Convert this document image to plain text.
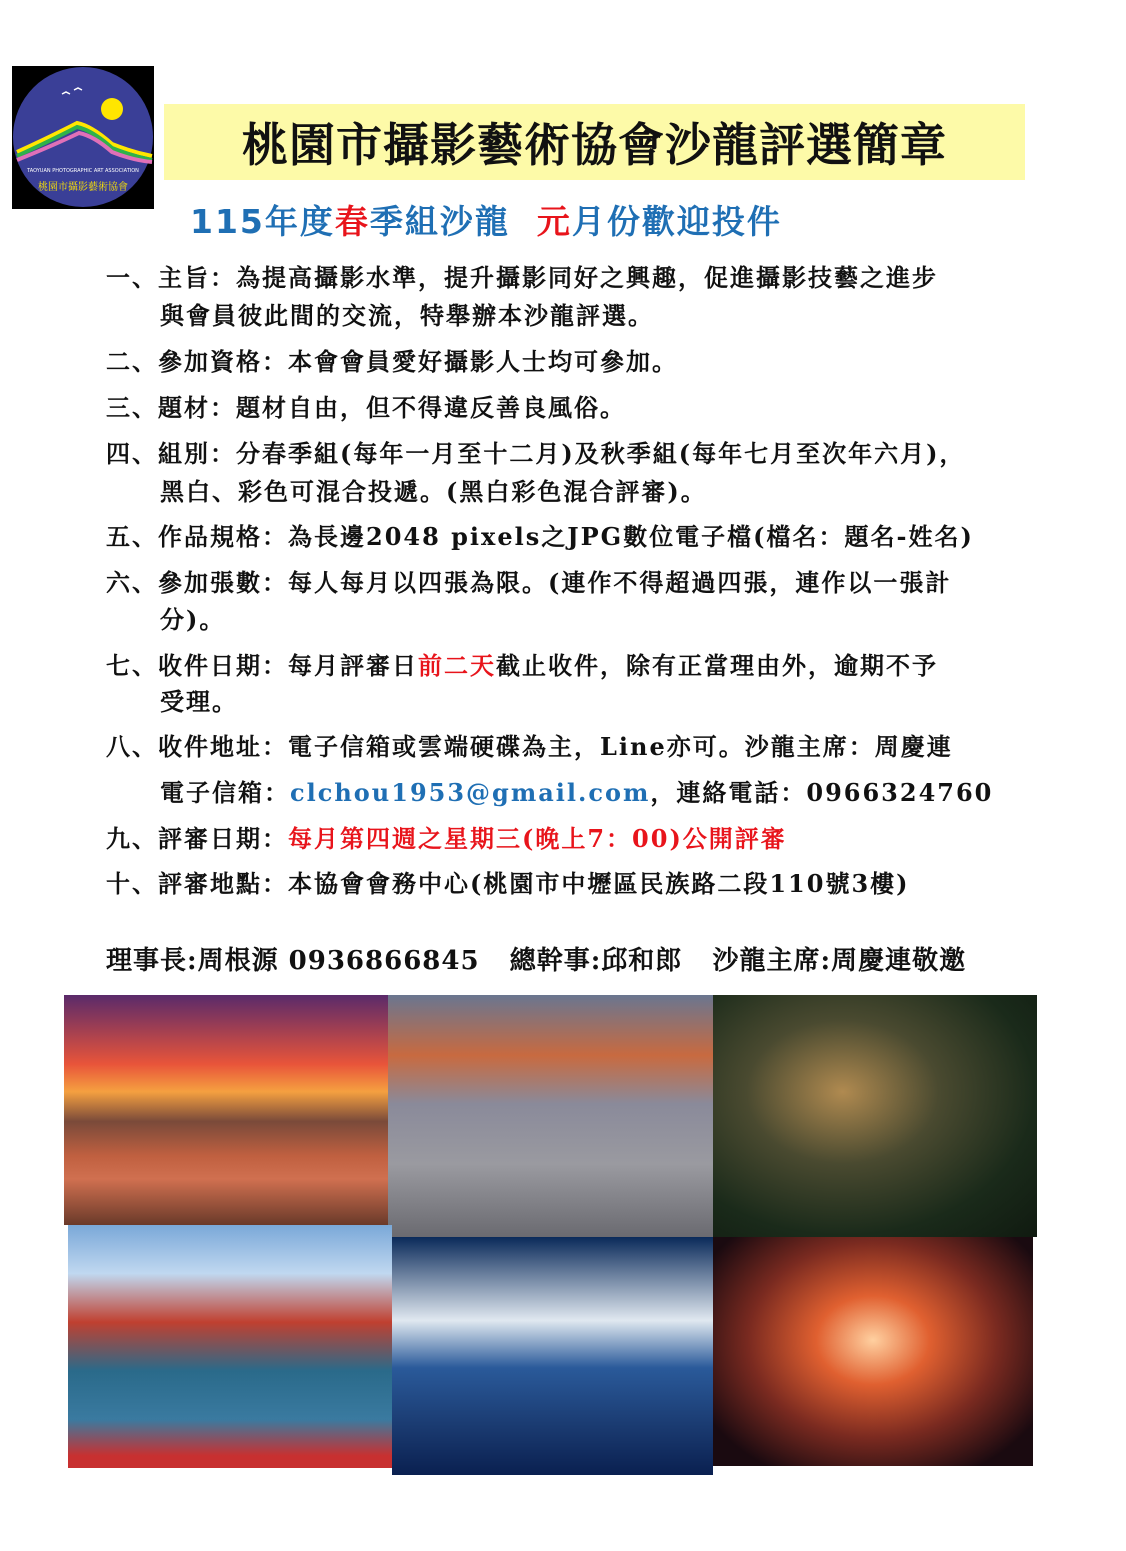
TAOYUAN PHOTOGRAPHIC ART ASSOCIATION
桃園市攝影藝術協會
桃園市攝影藝術協會沙龍評選簡章
115年度春季組沙龍  元月份歡迎投件
一、主旨：為提高攝影水準，提升攝影同好之興趣，促進攝影技藝之進步
與會員彼此間的交流，特舉辦本沙龍評選。
二、參加資格：本會會員愛好攝影人士均可參加。
三、題材：題材自由，但不得違反善良風俗。
四、組別：分春季組(每年一月至十二月)及秋季組(每年七月至次年六月)，
黑白、彩色可混合投遞。(黑白彩色混合評審)。
五、作品規格：為長邊2048 pixels之JPG數位電子檔(檔名：題名-姓名)
六、參加張數：每人每月以四張為限。(連作不得超過四張，連作以一張計
分)。
七、收件日期：每月評審日前二天截止收件，除有正當理由外，逾期不予
受理。
八、收件地址：電子信箱或雲端硬碟為主，Line亦可。沙龍主席：周慶連
電子信箱：clchou1953@gmail.com，連絡電話：0966324760
九、評審日期：每月第四週之星期三(晚上7：00)公開評審
十、評審地點：本協會會務中心(桃園市中壢區民族路二段110號3樓)
理事長:周根源 0936866845   總幹事:邱和郎   沙龍主席:周慶連敬邀
